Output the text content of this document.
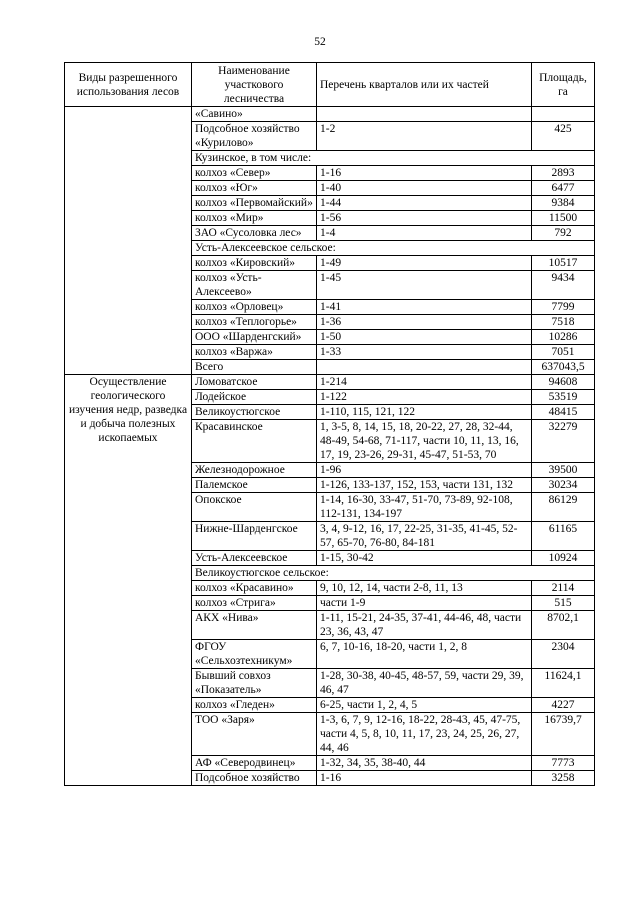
52
Виды разрешенного использования лесов	Наименование участкового лесничества	Перечень кварталов или их частей	Площадь, га
	«Савино»		
	Подсобное хозяйство «Курилово»	1-2	425
	Кузинское, в том числе:		
	колхоз «Север»	1-16	2893
	колхоз «Юг»	1-40	6477
	колхоз «Первомайский»	1-44	9384
	колхоз «Мир»	1-56	11500
	ЗАО «Сусоловка лес»	1-4	792
	Усть-Алексеевское сельское:		
	колхоз «Кировский»	1-49	10517
	колхоз «Усть-Алексеево»	1-45	9434
	колхоз «Орловец»	1-41	7799
	колхоз «Теплогорье»	1-36	7518
	ООО «Шарденгский»	1-50	10286
	колхоз «Варжа»	1-33	7051
	Всего		637043,5
Осуществление геологического изучения недр, разведка и добыча полезных ископаемых	Ломоватское	1-214	94608
	Лодейское	1-122	53519
	Великоустюгское	1-110, 115, 121, 122	48415
	Красавинское	1, 3-5, 8, 14, 15, 18, 20-22, 27, 28, 32-44, 48-49, 54-68, 71-117, части 10, 11, 13, 16, 17, 19, 23-26, 29-31, 45-47, 51-53, 70	32279
	Железнодорожное	1-96	39500
	Палемское	1-126, 133-137, 152, 153, части 131, 132	30234
	Опокское	1-14, 16-30, 33-47, 51-70, 73-89, 92-108, 112-131, 134-197	86129
	Нижне-Шарденгское	3, 4, 9-12, 16, 17, 22-25, 31-35, 41-45, 52-57, 65-70, 76-80, 84-181	61165
	Усть-Алексеевское	1-15, 30-42	10924
	Великоустюгское сельское:		
	колхоз «Красавино»	9, 10, 12, 14, части 2-8, 11, 13	2114
	колхоз «Стрига»	части 1-9	515
	АКХ «Нива»	1-11, 15-21, 24-35, 37-41, 44-46, 48, части 23, 36, 43, 47	8702,1
	ФГОУ «Сельхозтехникум»	6, 7, 10-16, 18-20, части 1, 2, 8	2304
	Бывший совхоз «Показатель»	1-28, 30-38, 40-45, 48-57, 59, части 29, 39, 46, 47	11624,1
	колхоз «Гледен»	6-25, части 1, 2, 4, 5	4227
	ТОО «Заря»	1-3, 6, 7, 9, 12-16, 18-22, 28-43, 45, 47-75, части 4, 5, 8, 10, 11, 17, 23, 24, 25, 26, 27, 44, 46	16739,7
	АФ «Северодвинец»	1-32, 34, 35, 38-40, 44	7773
	Подсобное хозяйство	1-16	3258
